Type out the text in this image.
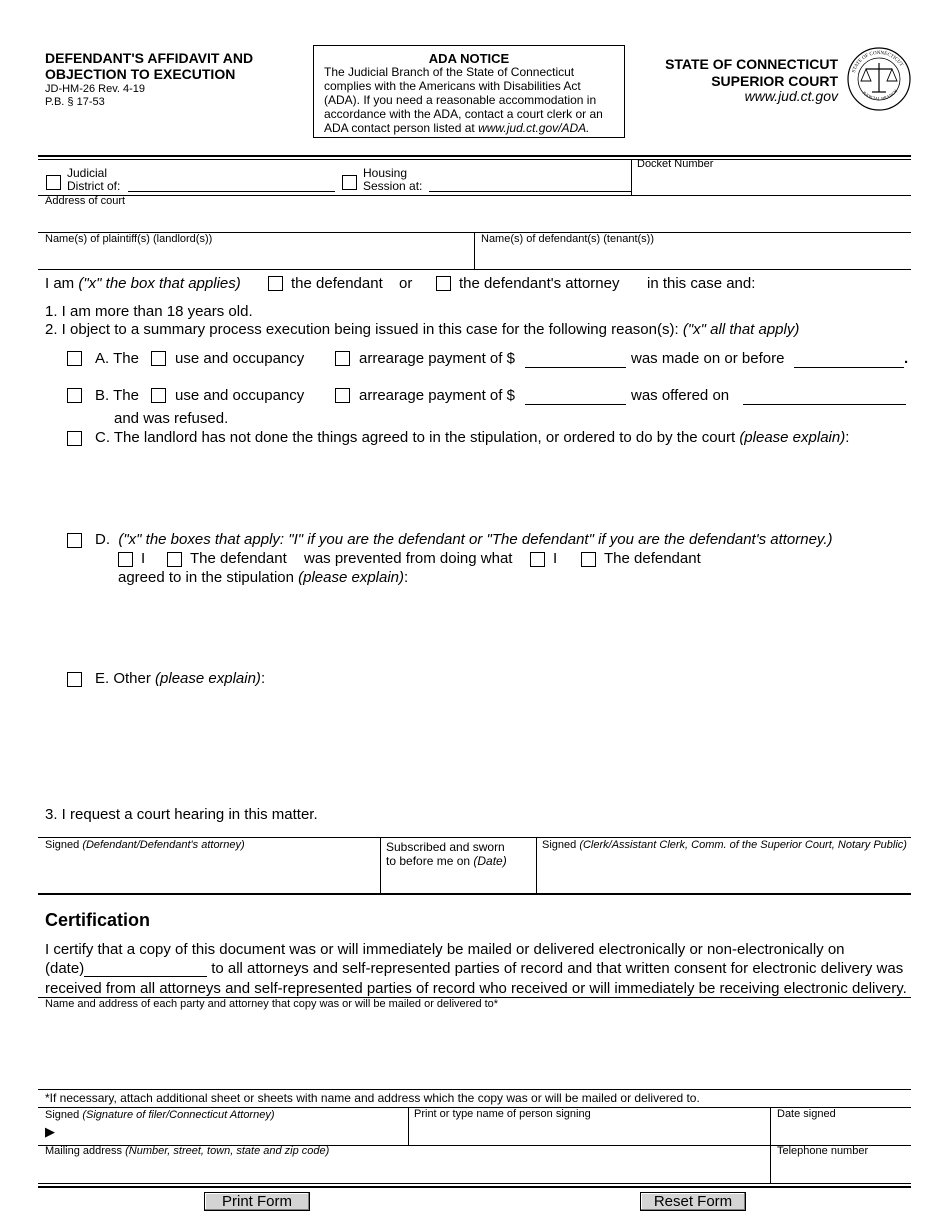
DEFENDANT'S AFFIDAVIT AND
OBJECTION TO EXECUTION
JD-HM-26 Rev. 4-19
P.B. § 17-53
ADA NOTICE
The Judicial Branch of the State of Connecticut
complies with the Americans with Disabilities Act
(ADA). If you need a reasonable accommodation in
accordance with the ADA, contact a court clerk or an
ADA contact person listed at www.jud.ct.gov/ADA.
STATE OF CONNECTICUT
SUPERIOR COURT
www.jud.ct.gov
STATE OF CONNECTICUT
JUDICIAL BRANCH
Judicial
District of:
Housing
Session at:
Docket Number
Address of court
Name(s) of plaintiff(s) (landlord(s))	Name(s) of defendant(s) (tenant(s))
I am ("x" the box that applies)	the defendant or	the defendant's attorney in this case and:
1. I am more than 18 years old.
2. I object to a summary process execution being issued in this case for the following reason(s): ("x" all that apply)
A. The use and occupancy	arrearage payment of $	was made on or before	.
B. The use and occupancy	arrearage payment of $	was offered on
and was refused.
C. The landlord has not done the things agreed to in the stipulation, or ordered to do by the court (please explain):
D. ("x" the boxes that apply: "I" if you are the defendant or "The defendant" if you are the defendant's attorney.)
I	The defendant was prevented from doing what	I	The defendant
agreed to in the stipulation (please explain):
E. Other (please explain):
3. I request a court hearing in this matter.
Signed (Defendant/Defendant's attorney)	Subscribed and sworn
to before me on (Date)
Signed (Clerk/Assistant Clerk, Comm. of the Superior Court, Notary Public)
Certification
I certify that a copy of this document was or will immediately be mailed or delivered electronically or non-electronically on
(date)	to all attorneys and self-represented parties of record and that written consent for electronic delivery was
received from all attorneys and self-represented parties of record who received or will immediately be receiving electronic delivery.
Name and address of each party and attorney that copy was or will be mailed or delivered to*
*If necessary, attach additional sheet or sheets with name and address which the copy was or will be mailed or delivered to.
Signed (Signature of filer/Connecticut Attorney)
▶
Print or type name of person signing	Date signed
Mailing address (Number, street, town, state and zip code)	Telephone number
Print Form	Reset Form
